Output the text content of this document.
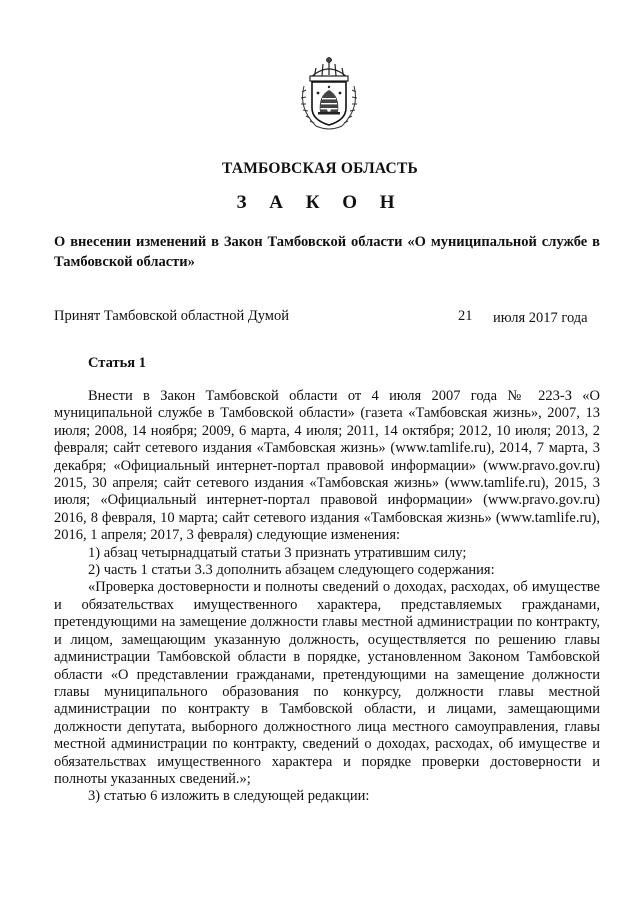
ТАМБОВСКАЯ ОБЛАСТЬ
З А К О Н
О внесении изменений в Закон Тамбовской области «О муниципальной службе в Тамбовской области»
Принят Тамбовской областной Думой	21 июля 2017 года
Статья 1

Внести в Закон Тамбовской области от 4 июля 2007 года № 223-З «О муниципальной службе в Тамбовской области» (газета «Тамбовская жизнь», 2007, 13 июля; 2008, 14 ноября; 2009, 6 марта, 4 июля; 2011, 14 октября; 2012, 10 июля; 2013, 2 февраля; сайт сетевого издания «Тамбовская жизнь» (www.tamlife.ru), 2014, 7 марта, 3 декабря; «Официальный интернет-портал правовой информации» (www.pravo.gov.ru) 2015, 30 апреля; сайт сетевого издания «Тамбовская жизнь» (www.tamlife.ru), 2015, 3 июля; «Официальный интернет-портал правовой информации» (www.pravo.gov.ru) 2016, 8 февраля, 10 марта; сайт сетевого издания «Тамбовская жизнь» (www.tamlife.ru), 2016, 1 апреля; 2017, 3 февраля) следующие изменения:

1) абзац четырнадцатый статьи 3 признать утратившим силу;

2) часть 1 статьи 3.3 дополнить абзацем следующего содержания:

«Проверка достоверности и полноты сведений о доходах, расходах, об имуществе и обязательствах имущественного характера, представляемых гражданами, претендующими на замещение должности главы местной администрации по контракту, и лицом, замещающим указанную должность, осуществляется по решению главы администрации Тамбовской области в порядке, установленном Законом Тамбовской области «О представлении гражданами, претендующими на замещение должности главы муниципального образования по конкурсу, должности главы местной администрации по контракту в Тамбовской области, и лицами, замещающими должности депутата, выборного должностного лица местного самоуправления, главы местной администрации по контракту, сведений о доходах, расходах, об имуществе и обязательствах имущественного характера и порядке проверки достоверности и полноты указанных сведений.»;

3) статью 6 изложить в следующей редакции:
